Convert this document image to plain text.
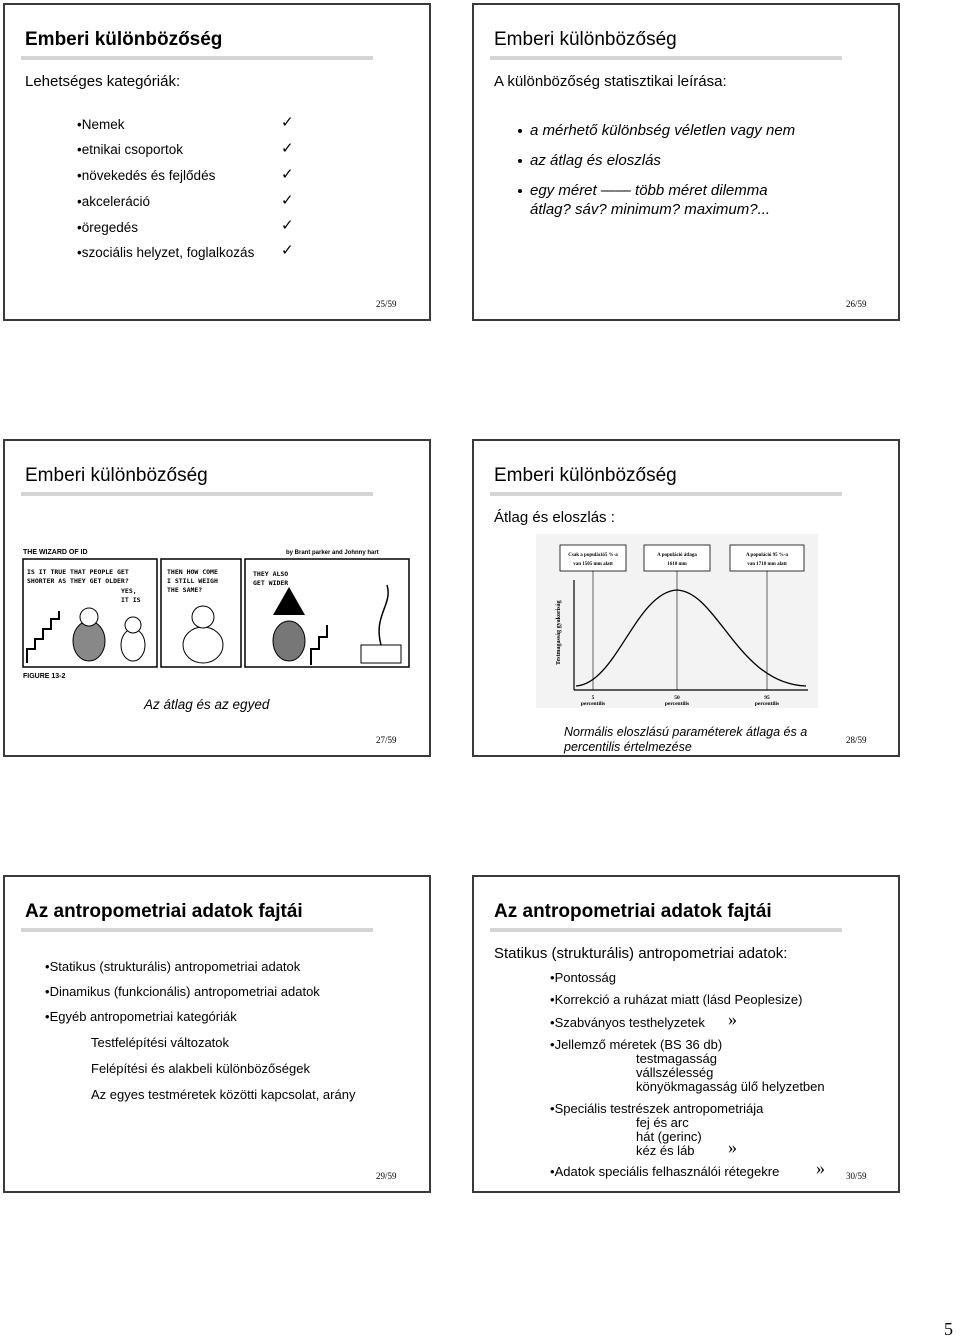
Emberi különbözőség
Lehetséges kategóriák:
•Nemek
•etnikai csoportok
•növekedés és fejlődés
•akceleráció
•öregedés
•szociális helyzet, foglalkozás
✓
✓
✓
✓
✓
✓
25/59
Emberi különbözőség
A különbözőség statisztikai leírása:
a mérhető különbség véletlen vagy nem
az átlag és eloszlás
egy méret —— több méret dilemma
átlag? sáv? minimum? maximum?...
26/59
Emberi különbözőség
THE WIZARD OF ID	by Brant parker and Johnny hart
IS IT TRUE THAT PEOPLE GET
SHORTER AS THEY GET OLDER?
YES,
IT IS
THEN HOW COME
I STILL WEIGH
THE SAME?
THEY ALSO
GET WIDER
FIGURE 13-2
Az átlag és az egyed
27/59
Emberi különbözőség
Átlag és eloszlás :
Csak a populáció5 %-a
van 1505 mm alatt
A populáció átlaga
1610 mm
A populáció 95 %-a
van 1710 mm alatt
Testmagasság gyakoriság
5
percentilis
50
percentilis
95
percentilis
Normális eloszlású paraméterek átlaga és a
percentilis értelmezése	28/59
Az antropometriai adatok fajtái
•Statikus (strukturális) antropometriai adatok
•Dinamikus (funkcionális) antropometriai adatok
•Egyéb antropometriai kategóriák
Testfelépítési változatok
Felépítési és alakbeli különbözőségek
Az egyes testméretek közötti kapcsolat, arány
29/59
Az antropometriai adatok fajtái
Statikus (strukturális) antropometriai adatok:
•Pontosság
•Korrekció a ruházat miatt (lásd Peoplesize)
•Szabványos testhelyzetek »
•Jellemző méretek (BS 36 db)
testmagasság
vállszélesség
könyökmagasság ülő helyzetben
•Speciális testrészek antropometriája
fej és arc
hát (gerinc)
kéz és láb »
•Adatok speciális felhasználói rétegekre » 30/59
5
